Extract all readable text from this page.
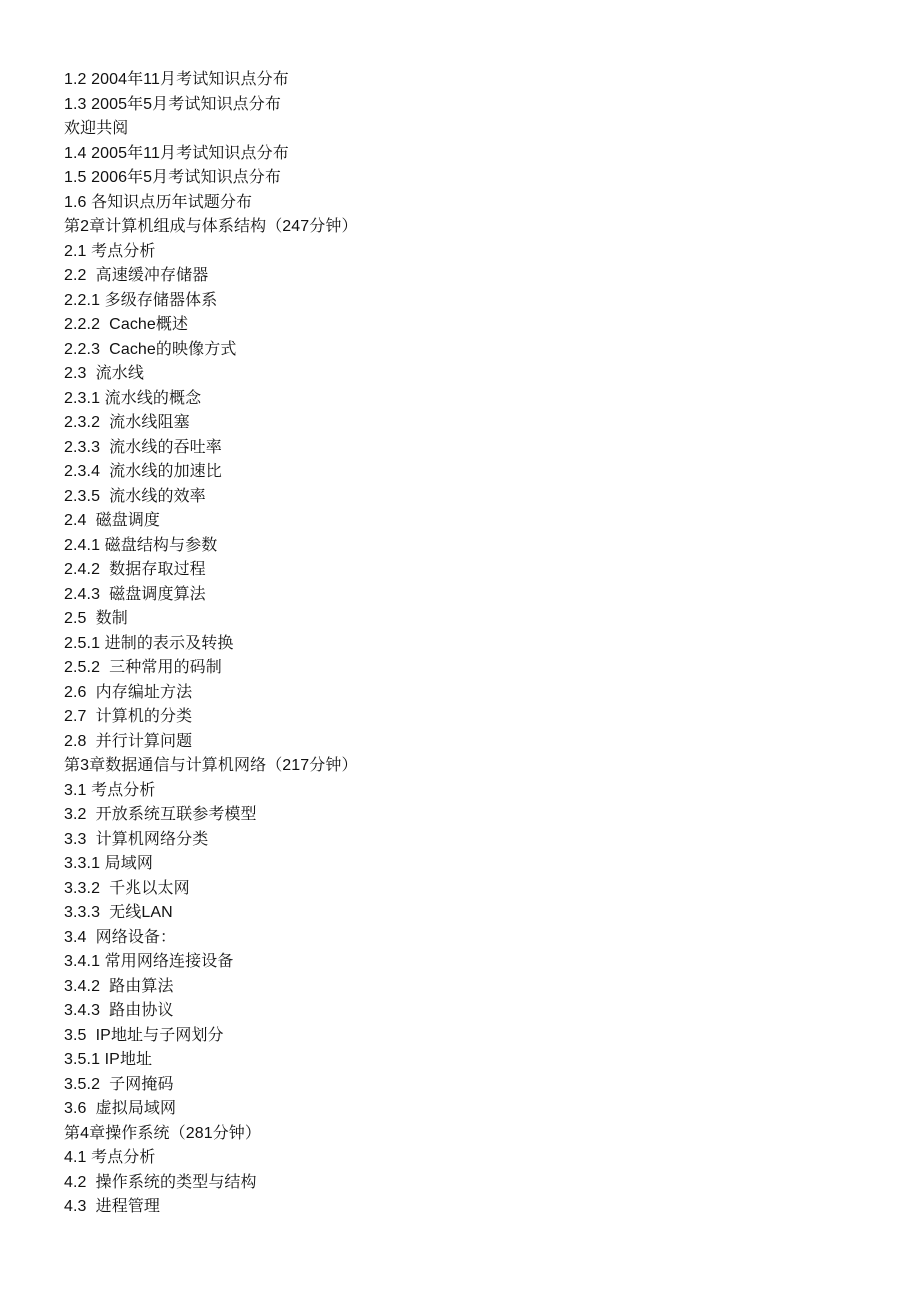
1.2 2004年11月考试知识点分布
1.3 2005年5月考试知识点分布
欢迎共阅
1.4 2005年11月考试知识点分布
1.5 2006年5月考试知识点分布
1.6 各知识点历年试题分布
第2章计算机组成与体系结构（247分钟）
2.1 考点分析
2.2  高速缓冲存储器
2.2.1 多级存储器体系
2.2.2  Cache概述
2.2.3  Cache的映像方式
2.3  流水线
2.3.1 流水线的概念
2.3.2  流水线阻塞
2.3.3  流水线的吞吐率
2.3.4  流水线的加速比
2.3.5  流水线的效率
2.4  磁盘调度
2.4.1 磁盘结构与参数
2.4.2  数据存取过程
2.4.3  磁盘调度算法
2.5  数制
2.5.1 进制的表示及转换
2.5.2  三种常用的码制
2.6  内存编址方法
2.7  计算机的分类
2.8  并行计算问题
第3章数据通信与计算机网络（217分钟）
3.1 考点分析
3.2  开放系统互联参考模型
3.3  计算机网络分类
3.3.1 局域网
3.3.2  千兆以太网
3.3.3  无线LAN
3.4  网络设备：
3.4.1 常用网络连接设备
3.4.2  路由算法
3.4.3  路由协议
3.5  IP地址与子网划分
3.5.1 IP地址
3.5.2  子网掩码
3.6  虚拟局域网
第4章操作系统（281分钟）
4.1 考点分析
4.2  操作系统的类型与结构
4.3  进程管理
